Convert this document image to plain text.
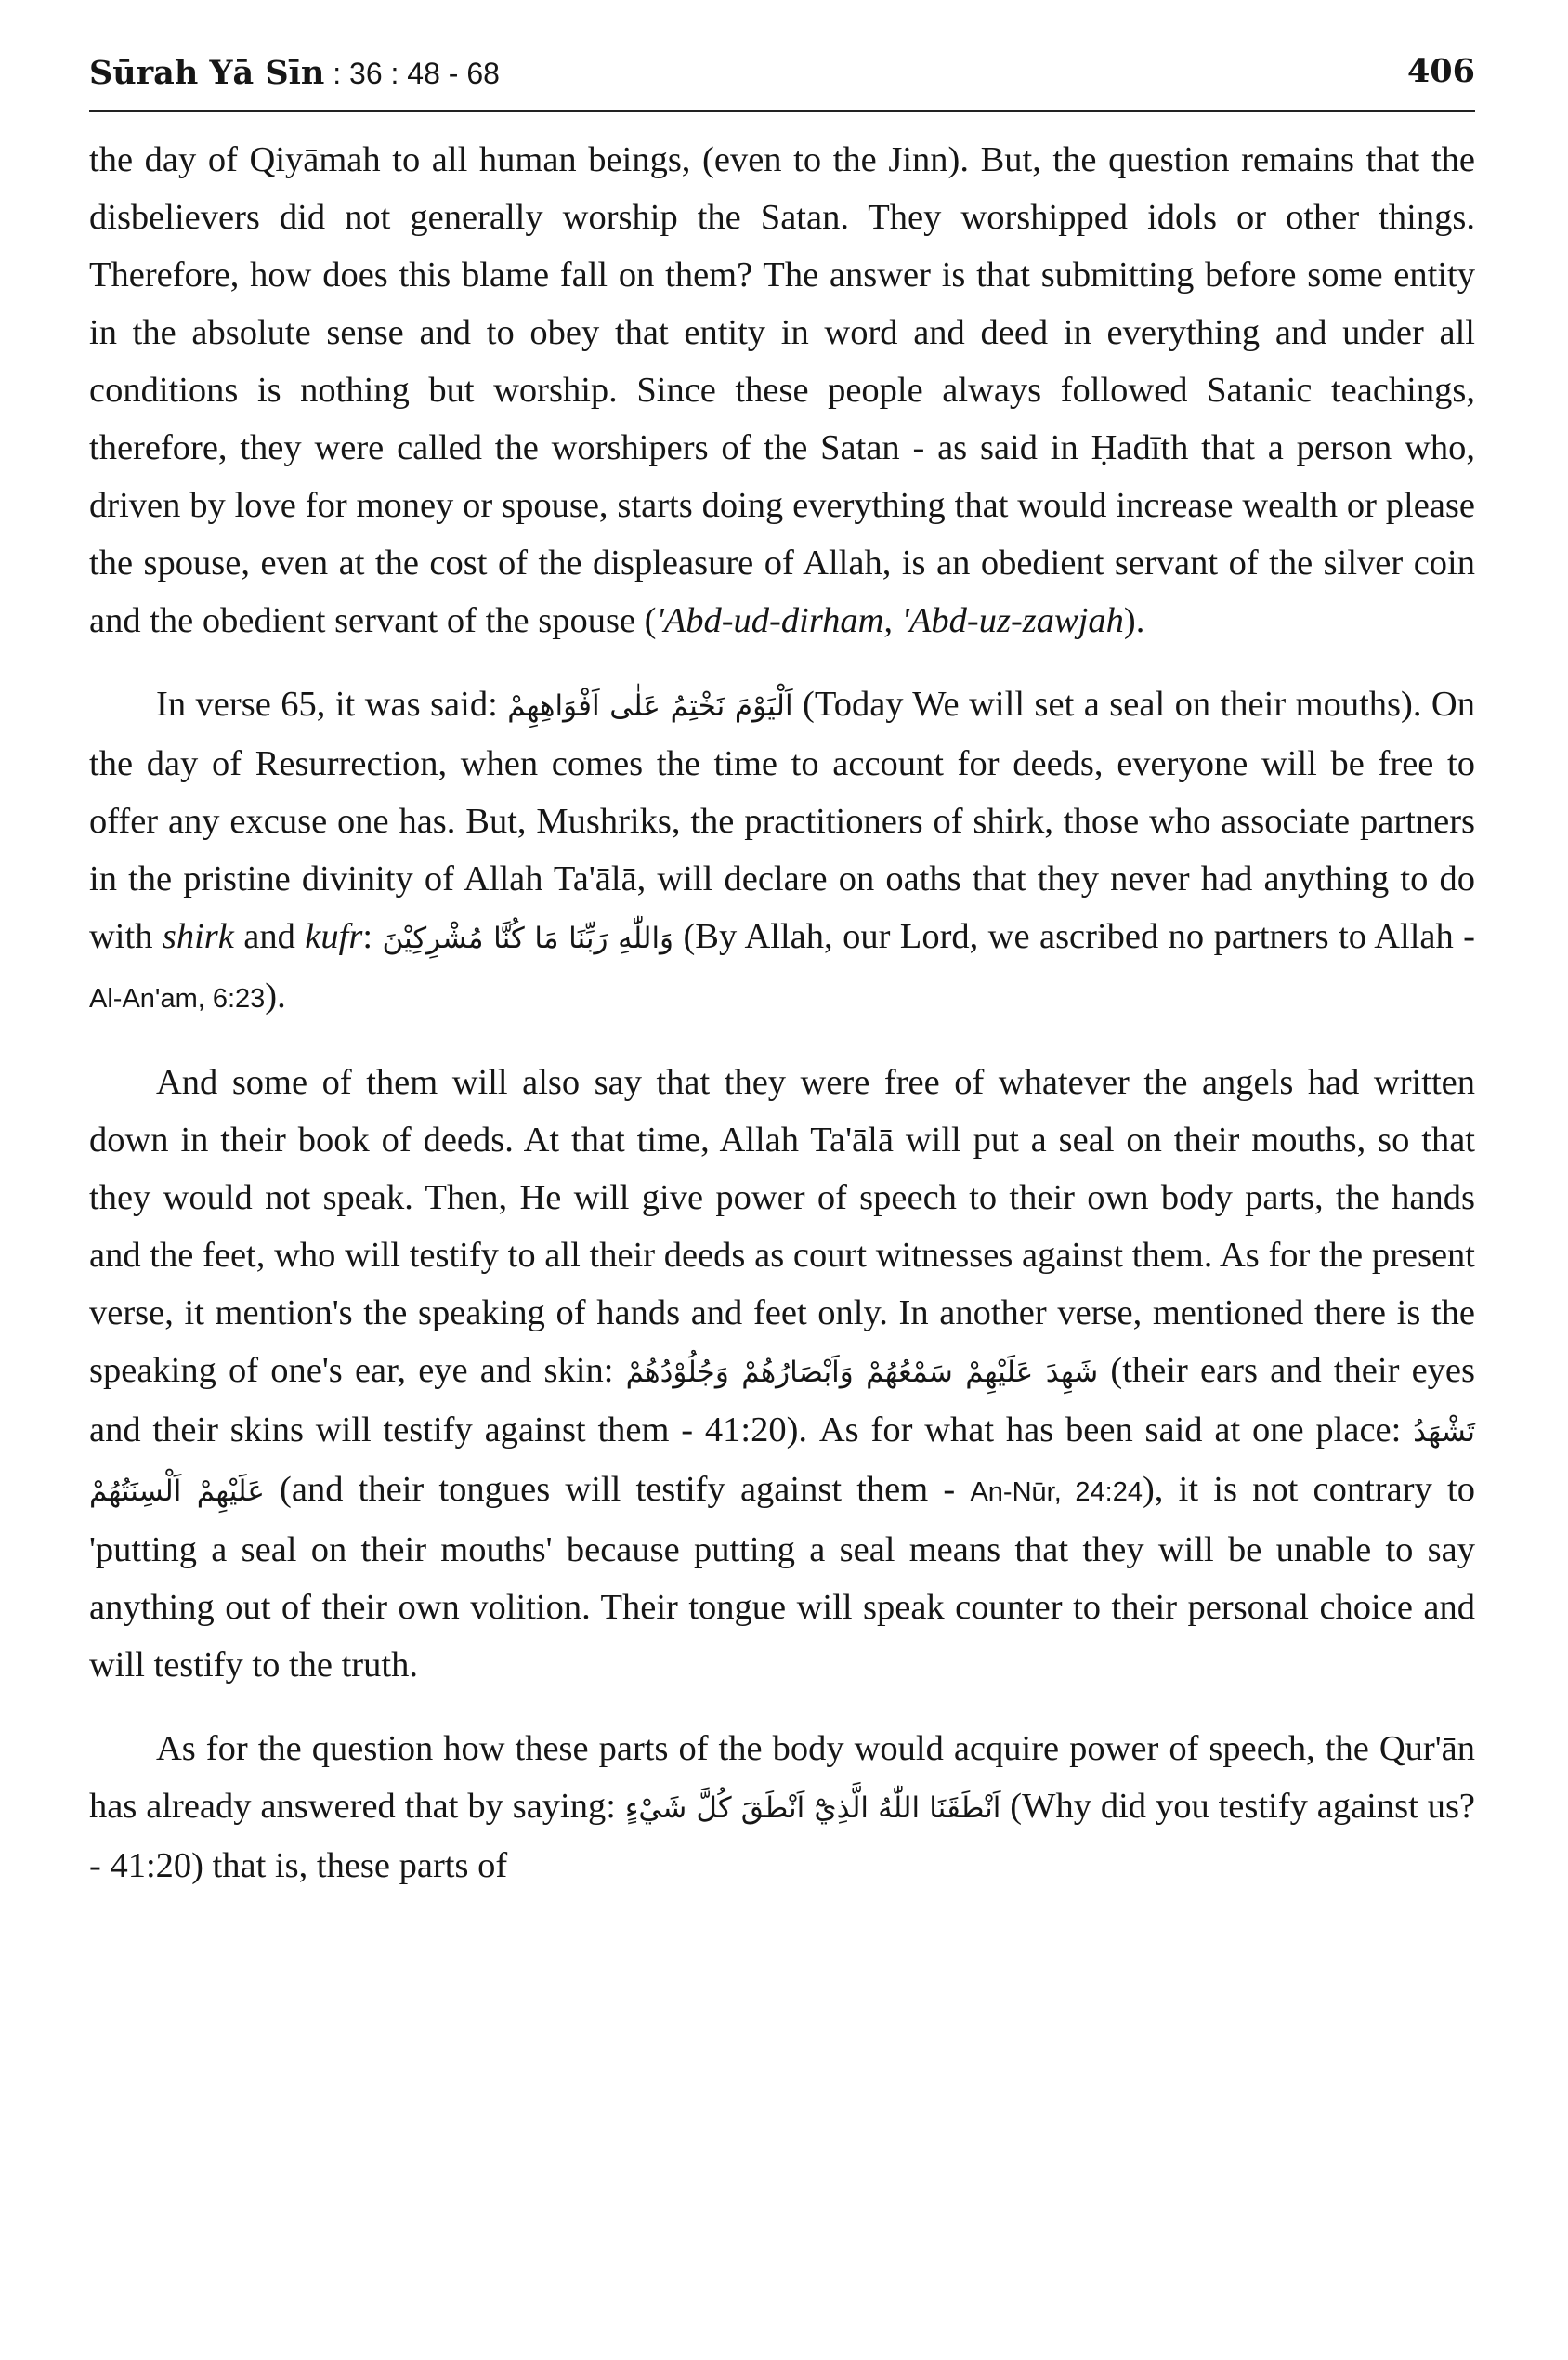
Sūrah Yā Sīn : 36 : 48 - 68	406

the day of Qiyāmah to all human beings, (even to the Jinn). But, the question remains that the disbelievers did not generally worship the Satan. They worshipped idols or other things. Therefore, how does this blame fall on them? The answer is that submitting before some entity in the absolute sense and to obey that entity in word and deed in everything and under all conditions is nothing but worship. Since these people always followed Satanic teachings, therefore, they were called the worshipers of the Satan - as said in Ḥadīth that a person who, driven by love for money or spouse, starts doing everything that would increase wealth or please the spouse, even at the cost of the displeasure of Allah, is an obedient servant of the silver coin and the obedient servant of the spouse ('Abd-ud-dirham, 'Abd-uz-zawjah).

In verse 65, it was said: اَلْيَوْمَ نَخْتِمُ عَلٰى اَفْوَاهِهِمْ (Today We will set a seal on their mouths). On the day of Resurrection, when comes the time to account for deeds, everyone will be free to offer any excuse one has. But, Mushriks, the practitioners of shirk, those who associate partners in the pristine divinity of Allah Ta'ālā, will declare on oaths that they never had anything to do with shirk and kufr: وَاللّٰهِ رَبِّنَا مَا كُنَّا مُشْرِكِيْنَ (By Allah, our Lord, we ascribed no partners to Allah - Al-An'am, 6:23).

And some of them will also say that they were free of whatever the angels had written down in their book of deeds. At that time, Allah Ta'ālā will put a seal on their mouths, so that they would not speak. Then, He will give power of speech to their own body parts, the hands and the feet, who will testify to all their deeds as court witnesses against them. As for the present verse, it mention's the speaking of hands and feet only. In another verse, mentioned there is the speaking of one's ear, eye and skin: شَهِدَ عَلَيْهِمْ سَمْعُهُمْ وَاَبْصَارُهُمْ وَجُلُوْدُهُمْ (their ears and their eyes and their skins will testify against them - 41:20). As for what has been said at one place: تَشْهَدُ عَلَيْهِمْ اَلْسِنَتُهُمْ (and their tongues will testify against them - An-Nūr, 24:24), it is not contrary to 'putting a seal on their mouths' because putting a seal means that they will be unable to say anything out of their own volition. Their tongue will speak counter to their personal choice and will testify to the truth.

As for the question how these parts of the body would acquire power of speech, the Qur'ān has already answered that by saying: اَنْطَقَنَا اللّٰهُ الَّذِيْٓ اَنْطَقَ كُلَّ شَيْءٍ (Why did you testify against us? - 41:20) that is, these parts of
